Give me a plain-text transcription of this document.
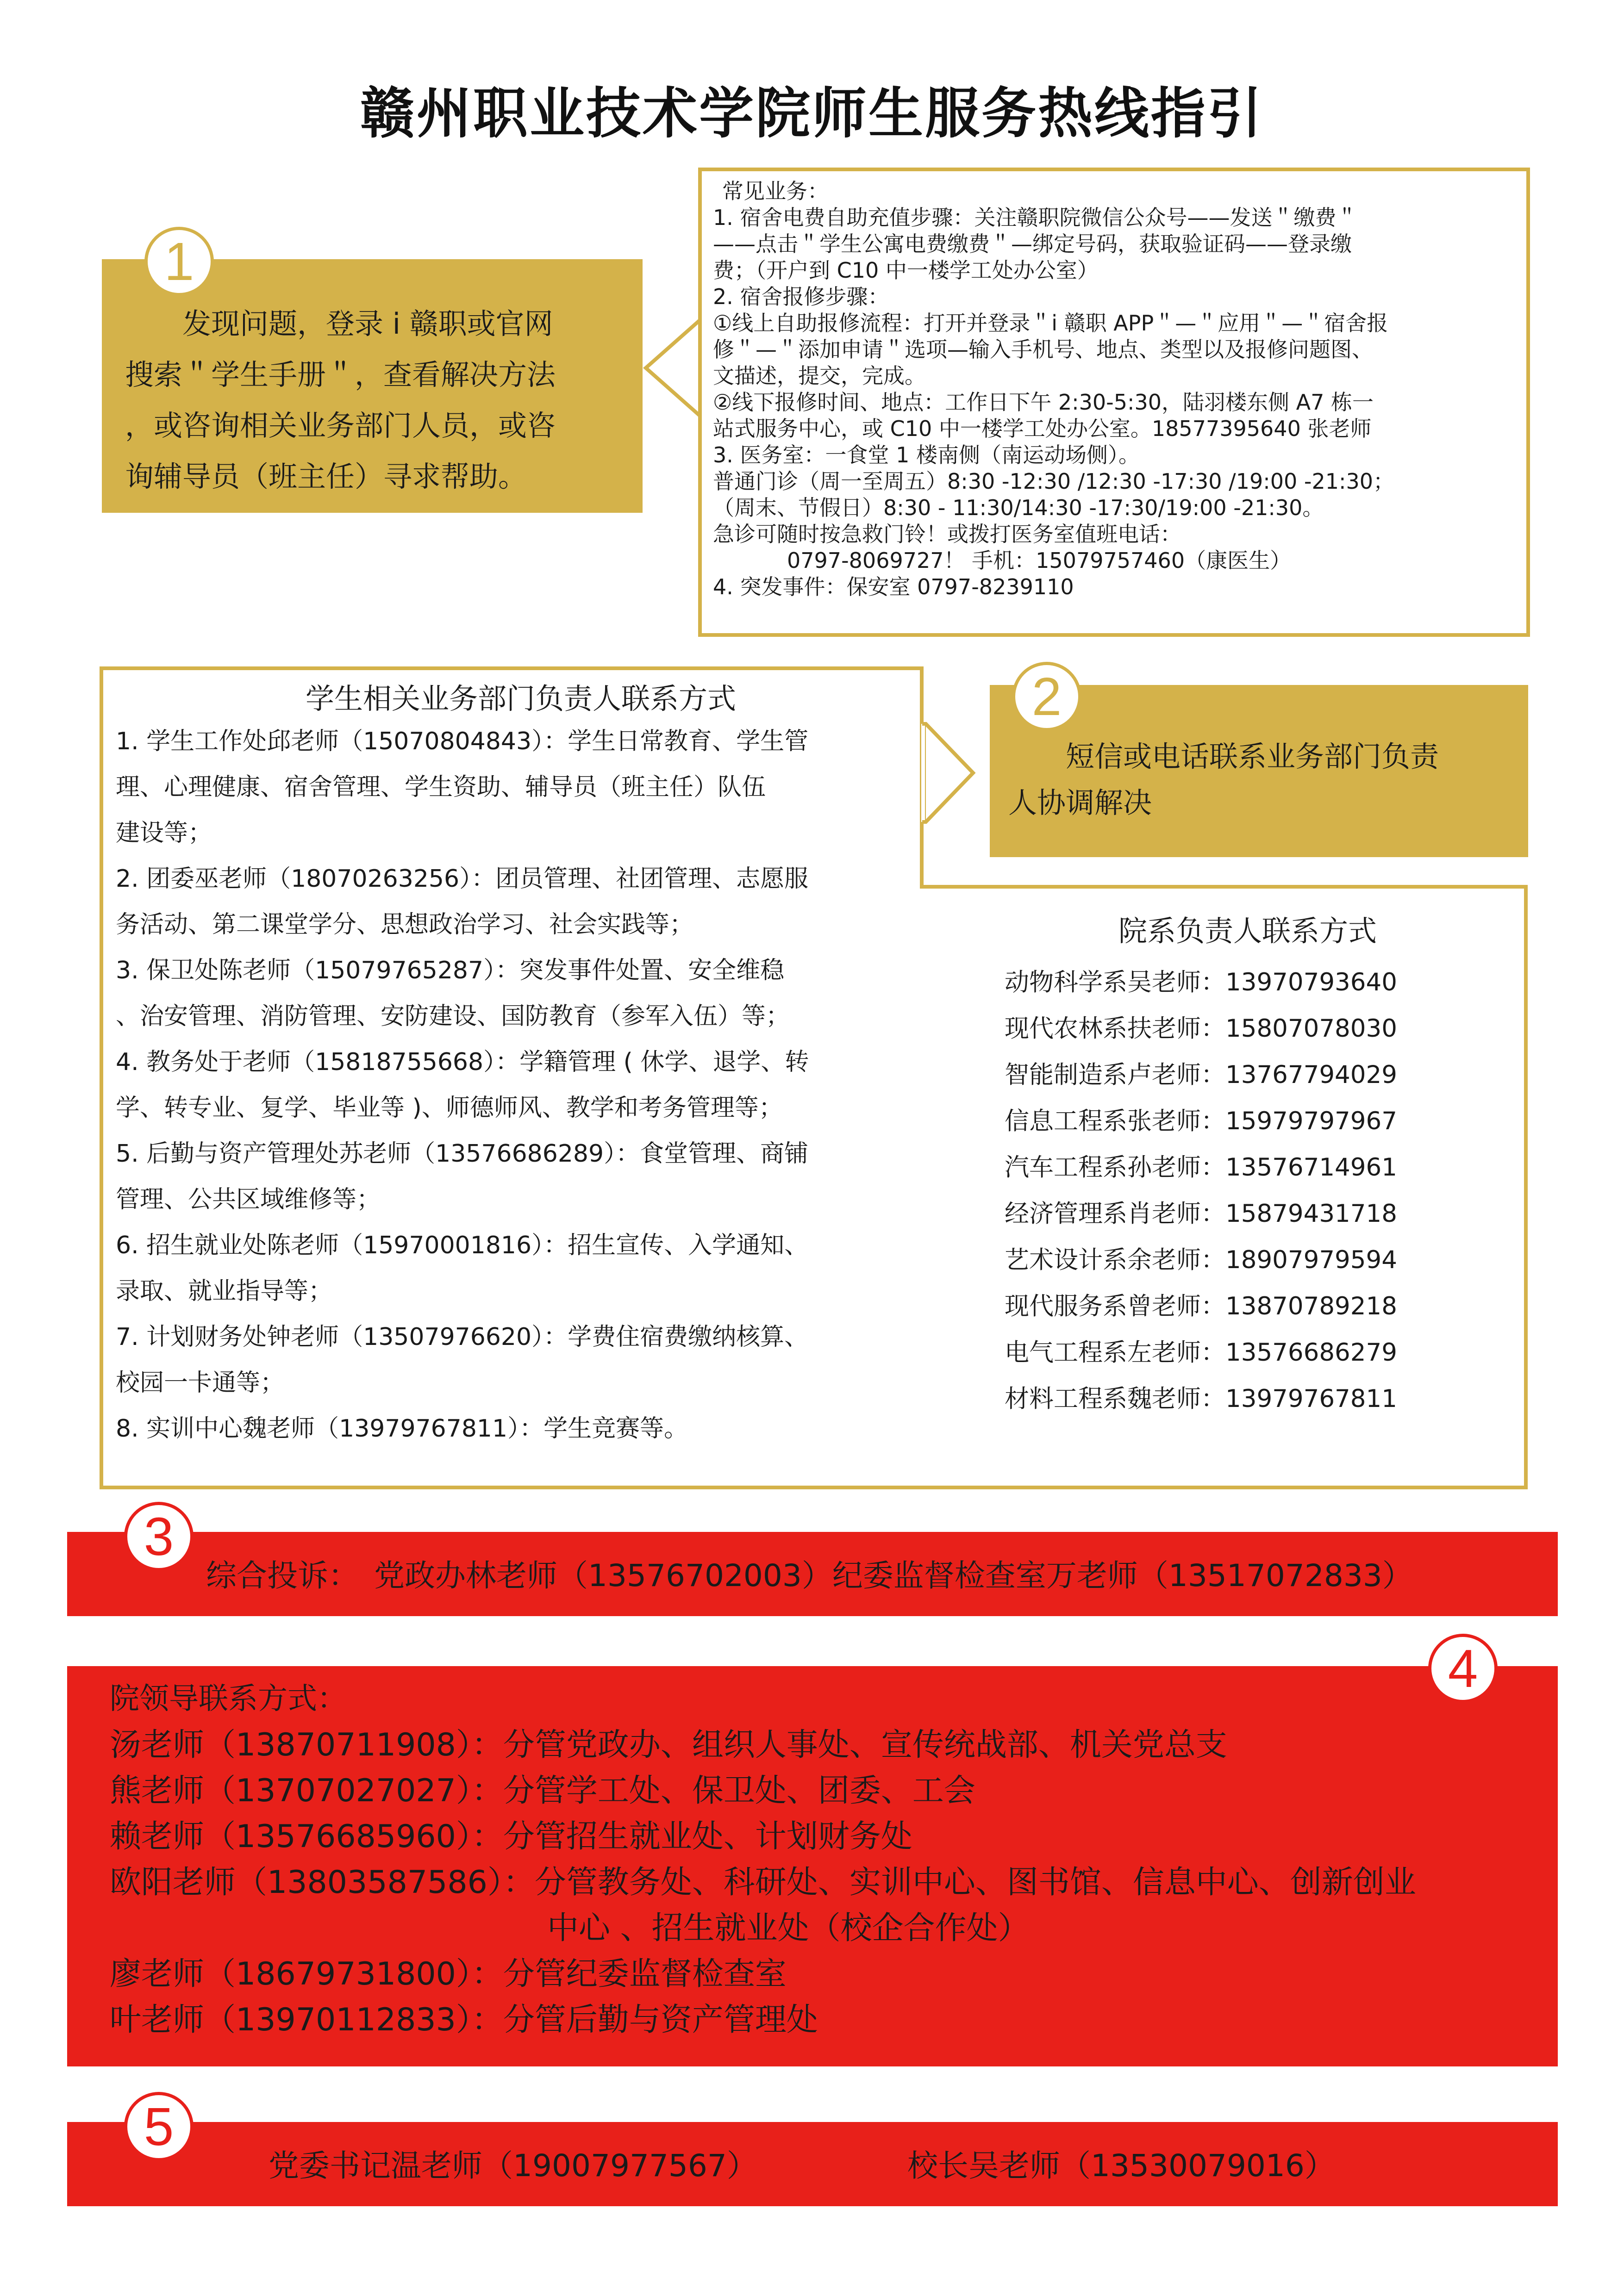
赣州职业技术学院师生服务热线指引
　　发现问题，登录 i 赣职或官网
搜索＂学生手册＂，查看解决方法
，或咨询相关业务部门人员，或咨
询辅导员（班主任）寻求帮助。
1
常见业务：
1. 宿舍电费自助充值步骤：关注赣职院微信公众号——发送＂缴费＂
——点击＂学生公寓电费缴费＂—绑定号码，获取验证码——登录缴
费；（开户到 C10 中一楼学工处办公室）
2. 宿舍报修步骤：
①线上自助报修流程：打开并登录＂i 赣职 APP＂—＂应用＂—＂宿舍报
修＂—＂添加申请＂选项—输入手机号、地点、类型以及报修问题图、
文描述，提交，完成。
②线下报修时间、地点：工作日下午 2:30-5:30，陆羽楼东侧 A7 栋一
站式服务中心，或 C10 中一楼学工处办公室。18577395640 张老师
3. 医务室：一食堂 1 楼南侧（南运动场侧）。
普通门诊（周一至周五）8:30 -12:30 /12:30 -17:30 /19:00 -21:30；
（周末、节假日）8:30 - 11:30/14:30 -17:30/19:00 -21:30。
急诊可随时按急救门铃！或拨打医务室值班电话：
0797-8069727！ 手机：15079757460（康医生）
4. 突发事件：保安室 0797-8239110
学生相关业务部门负责人联系方式
1. 学生工作处邱老师（15070804843）：学生日常教育、学生管
理、心理健康、宿舍管理、学生资助、辅导员（班主任）队伍
建设等；
2. 团委巫老师（18070263256）：团员管理、社团管理、志愿服
务活动、第二课堂学分、思想政治学习、社会实践等；
3. 保卫处陈老师（15079765287）：突发事件处置、安全维稳
、治安管理、消防管理、安防建设、国防教育（参军入伍）等；
4. 教务处于老师（15818755668）：学籍管理 ( 休学、退学、转
学、转专业、复学、毕业等 )、师德师风、教学和考务管理等；
5. 后勤与资产管理处苏老师（13576686289）：食堂管理、商铺
管理、公共区域维修等；
6. 招生就业处陈老师（15970001816）：招生宣传、入学通知、
录取、就业指导等；
7. 计划财务处钟老师（13507976620）：学费住宿费缴纳核算、
校园一卡通等；
8. 实训中心魏老师（13979767811）：学生竞赛等。
　　短信或电话联系业务部门负责
人协调解决
2
院系负责人联系方式
动物科学系吴老师：13970793640
现代农林系扶老师：15807078030
智能制造系卢老师：13767794029
信息工程系张老师：15979797967
汽车工程系孙老师：13576714961
经济管理系肖老师：15879431718
艺术设计系余老师：18907979594
现代服务系曾老师：13870789218
电气工程系左老师：13576686279
材料工程系魏老师：13979767811
综合投诉：　党政办林老师（13576702003）纪委监督检查室万老师（13517072833）
3
院领导联系方式：
汤老师（13870711908）：分管党政办、组织人事处、宣传统战部、机关党总支
熊老师（13707027027）：分管学工处、保卫处、团委、工会
赖老师（13576685960）：分管招生就业处、计划财务处
欧阳老师（13803587586）：分管教务处、科研处、实训中心、图书馆、信息中心、创新创业
中心 、招生就业处（校企合作处）
廖老师（18679731800）：分管纪委监督检查室
叶老师（13970112833）：分管后勤与资产管理处
4
党委书记温老师（19007977567）	校长吴老师（13530079016）
5
